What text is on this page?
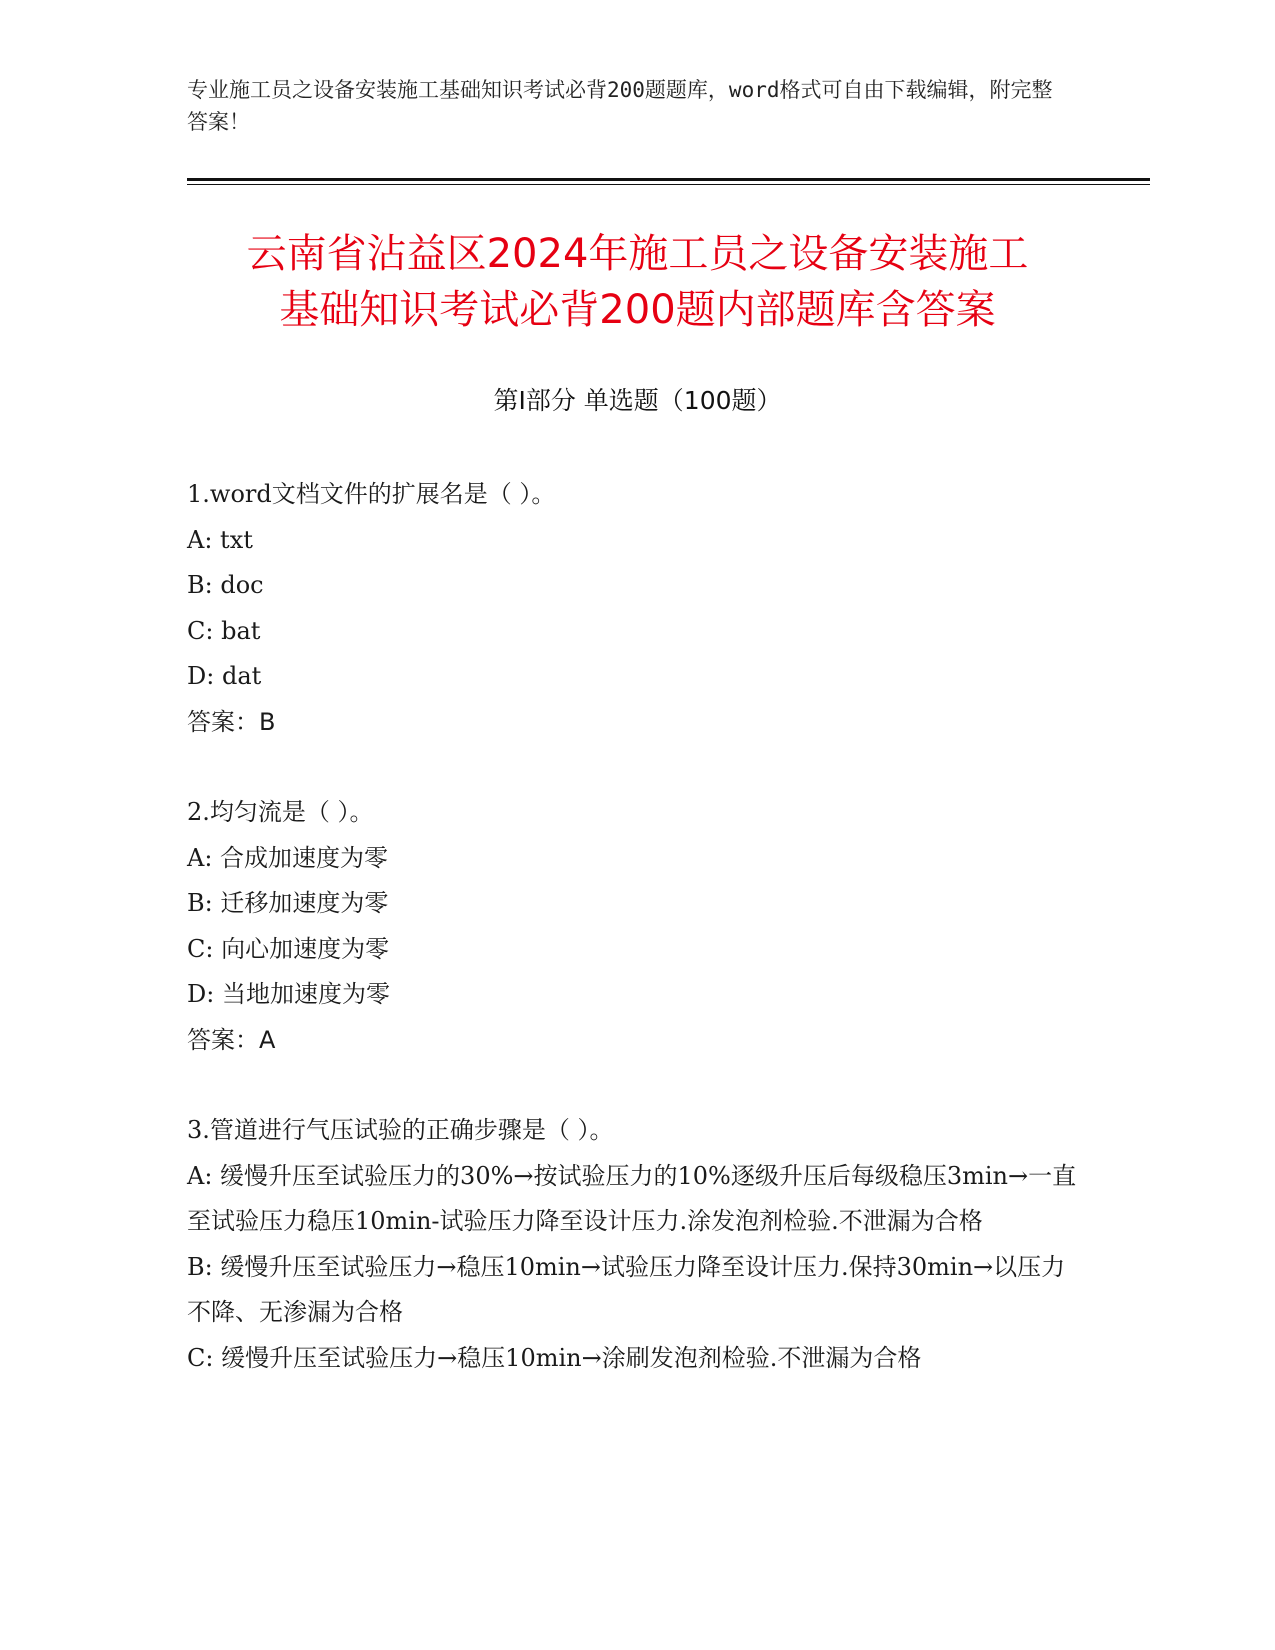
专业施工员之设备安装施工基础知识考试必背200题题库，word格式可自由下载编辑，附完整答案！
云南省沾益区2024年施工员之设备安装施工
基础知识考试必背200题内部题库含答案
第Ⅰ部分 单选题（100题）
1.word文档文件的扩展名是（ ）。
A: txt
B: doc
C: bat
D: dat
答案：B
2.均匀流是（ ）。
A: 合成加速度为零
B: 迁移加速度为零
C: 向心加速度为零
D: 当地加速度为零
答案：A
3.管道进行气压试验的正确步骤是（ ）。
A: 缓慢升压至试验压力的30%→按试验压力的10%逐级升压后每级稳压3min→一直至试验压力稳压10min-试验压力降至设计压力.涂发泡剂检验.不泄漏为合格
B: 缓慢升压至试验压力→稳压10min→试验压力降至设计压力.保持30min→以压力不降、无渗漏为合格
C: 缓慢升压至试验压力→稳压10min→涂刷发泡剂检验.不泄漏为合格
